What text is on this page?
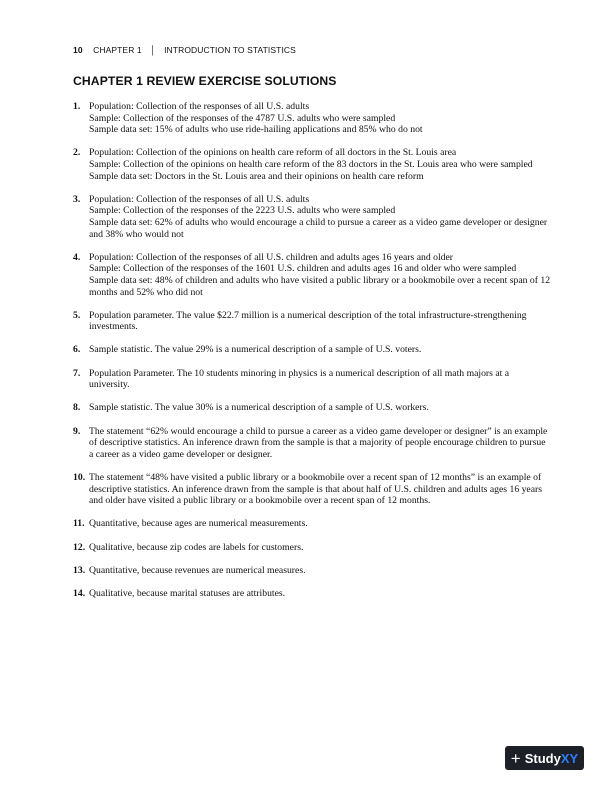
10 CHAPTER 1 │ INTRODUCTION TO STATISTICS
CHAPTER 1 REVIEW EXERCISE SOLUTIONS
1. Population: Collection of the responses of all U.S. adults
Sample: Collection of the responses of the 4787 U.S. adults who were sampled
Sample data set: 15% of adults who use ride-hailing applications and 85% who do not
2. Population: Collection of the opinions on health care reform of all doctors in the St. Louis area
Sample: Collection of the opinions on health care reform of the 83 doctors in the St. Louis area who were sampled
Sample data set: Doctors in the St. Louis area and their opinions on health care reform
3. Population: Collection of the responses of all U.S. adults
Sample: Collection of the responses of the 2223 U.S. adults who were sampled
Sample data set: 62% of adults who would encourage a child to pursue a career as a video game developer or designer and 38% who would not
4. Population: Collection of the responses of all U.S. children and adults ages 16 years and older
Sample: Collection of the responses of the 1601 U.S. children and adults ages 16 and older who were sampled
Sample data set: 48% of children and adults who have visited a public library or a bookmobile over a recent span of 12 months and 52% who did not
5. Population parameter. The value $22.7 million is a numerical description of the total infrastructure-strengthening investments.
6. Sample statistic. The value 29% is a numerical description of a sample of U.S. voters.
7. Population Parameter. The 10 students minoring in physics is a numerical description of all math majors at a university.
8. Sample statistic. The value 30% is a numerical description of a sample of U.S. workers.
9. The statement “62% would encourage a child to pursue a career as a video game developer or designer” is an example of descriptive statistics. An inference drawn from the sample is that a majority of people encourage children to pursue a career as a video game developer or designer.
10. The statement “48% have visited a public library or a bookmobile over a recent span of 12 months” is an example of descriptive statistics. An inference drawn from the sample is that about half of U.S. children and adults ages 16 years and older have visited a public library or a bookmobile over a recent span of 12 months.
11. Quantitative, because ages are numerical measurements.
12. Qualitative, because zip codes are labels for customers.
13. Quantitative, because revenues are numerical measures.
14. Qualitative, because marital statuses are attributes.
+ StudyXY
